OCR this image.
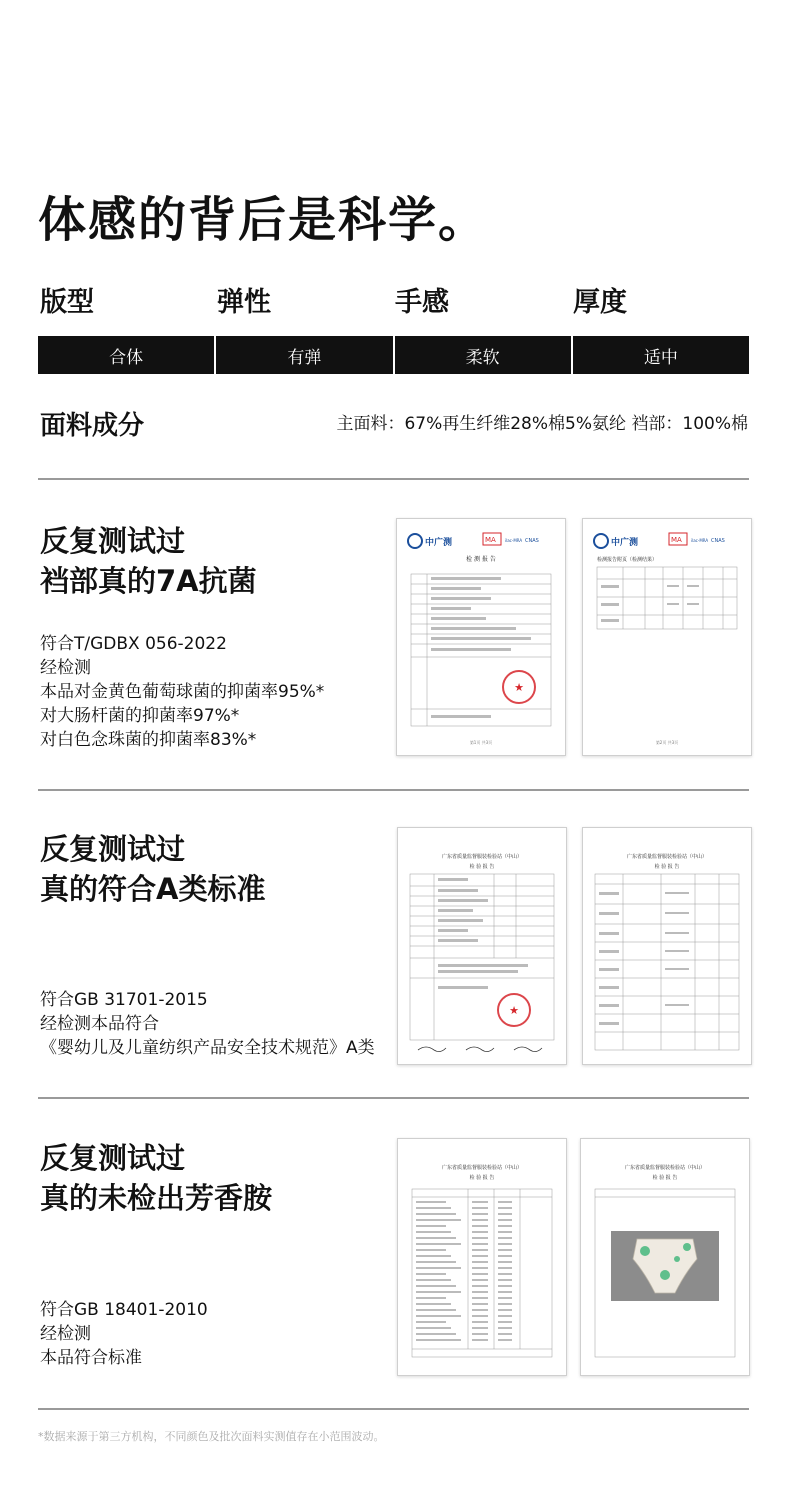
体感的背后是科学。
版型	弹性	手感	厚度
合体	有弹	柔软	适中
面料成分	主面料：67%再生纤维28%棉5%氨纶 裆部：100%棉
反复测试过
裆部真的7A抗菌
符合T/GDBX 056-2022
经检测
本品对金黄色葡萄球菌的抑菌率95%*
对大肠杆菌的抑菌率97%*
对白色念珠菌的抑菌率83%*
中广测	MA ilac-MRA CNAS
检 测 报 告
★
第1页 共3页
中广测	MA ilac-MRA CNAS
检测报告附页（检测结果）
第2页 共3页
反复测试过
真的符合A类标准
符合GB 31701-2015
经检测本品符合
《婴幼儿及儿童纺织产品安全技术规范》A类
广东省质量监督服装检验站（中山）
检 验 报 告
★
广东省质量监督服装检验站（中山）
检 验 报 告
反复测试过
真的未检出芳香胺
符合GB 18401-2010
经检测
本品符合标准
广东省质量监督服装检验站（中山）
检 验 报 告
广东省质量监督服装检验站（中山）
检 验 报 告
*数据来源于第三方机构，不同颜色及批次面料实测值存在小范围波动。
